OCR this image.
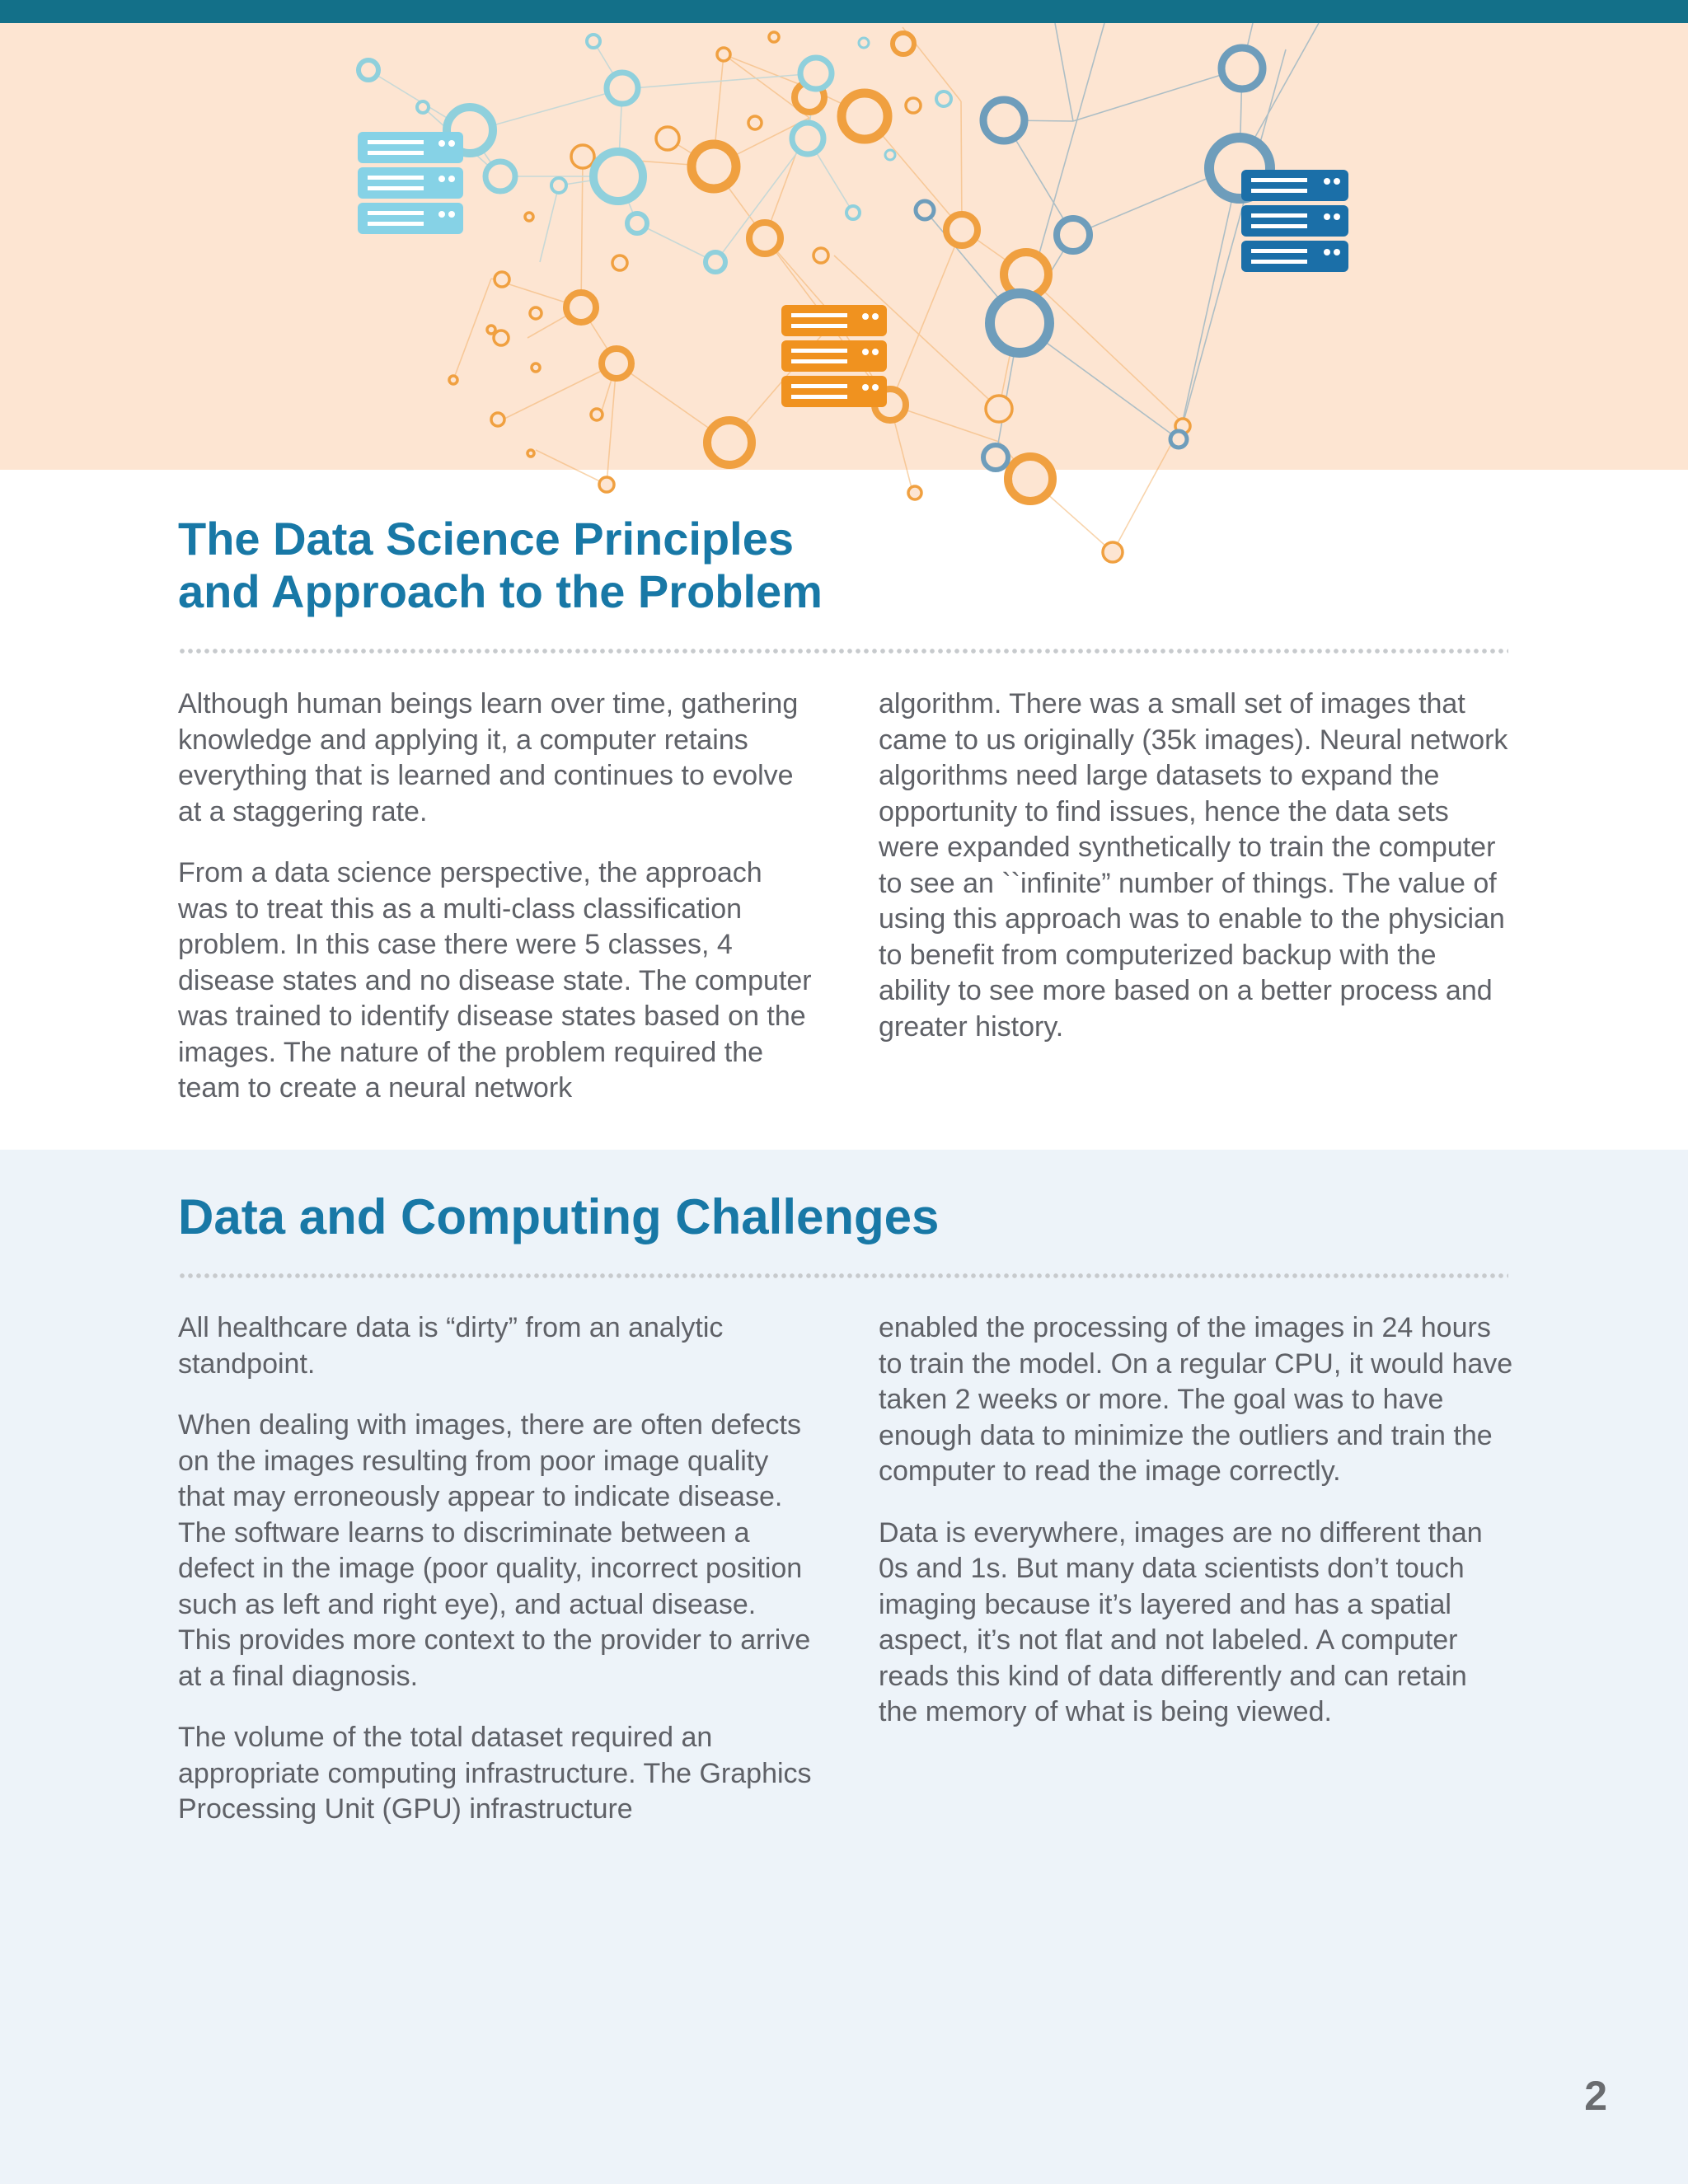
The Data Science Principles
and Approach to the Problem

Although human beings learn over time, gathering knowledge and applying it, a computer retains everything that is learned and continues to evolve at a staggering rate.

From a data science perspective, the approach was to treat this as a multi-class classification problem. In this case there were 5 classes, 4 disease states and no disease state. The computer was trained to identify disease states based on the images. The nature of the problem required the team to create a neural network

algorithm. There was a small set of images that came to us originally (35k images). Neural network algorithms need large datasets to expand the opportunity to find issues, hence the data sets were expanded synthetically to train the computer to see an ``infinite” number of things. The value of using this approach was to enable to the physician to benefit from computerized backup with the ability to see more based on a better process and greater history.

Data and Computing Challenges

All healthcare data is “dirty” from an analytic standpoint.

When dealing with images, there are often defects on the images resulting from poor image quality that may erroneously appear to indicate disease. The software learns to discriminate between a defect in the image (poor quality, incorrect position such as left and right eye), and actual disease. This provides more context to the provider to arrive at a final diagnosis.

The volume of the total dataset required an appropriate computing infrastructure. The Graphics Processing Unit (GPU) infrastructure

enabled the processing of the images in 24 hours to train the model. On a regular CPU, it would have taken 2 weeks or more. The goal was to have enough data to minimize the outliers and train the computer to read the image correctly.

Data is everywhere, images are no different than 0s and 1s. But many data scientists don’t touch imaging because it’s layered and has a spatial aspect, it’s not flat and not labeled. A computer reads this kind of data differently and can retain the memory of what is being viewed.

2
